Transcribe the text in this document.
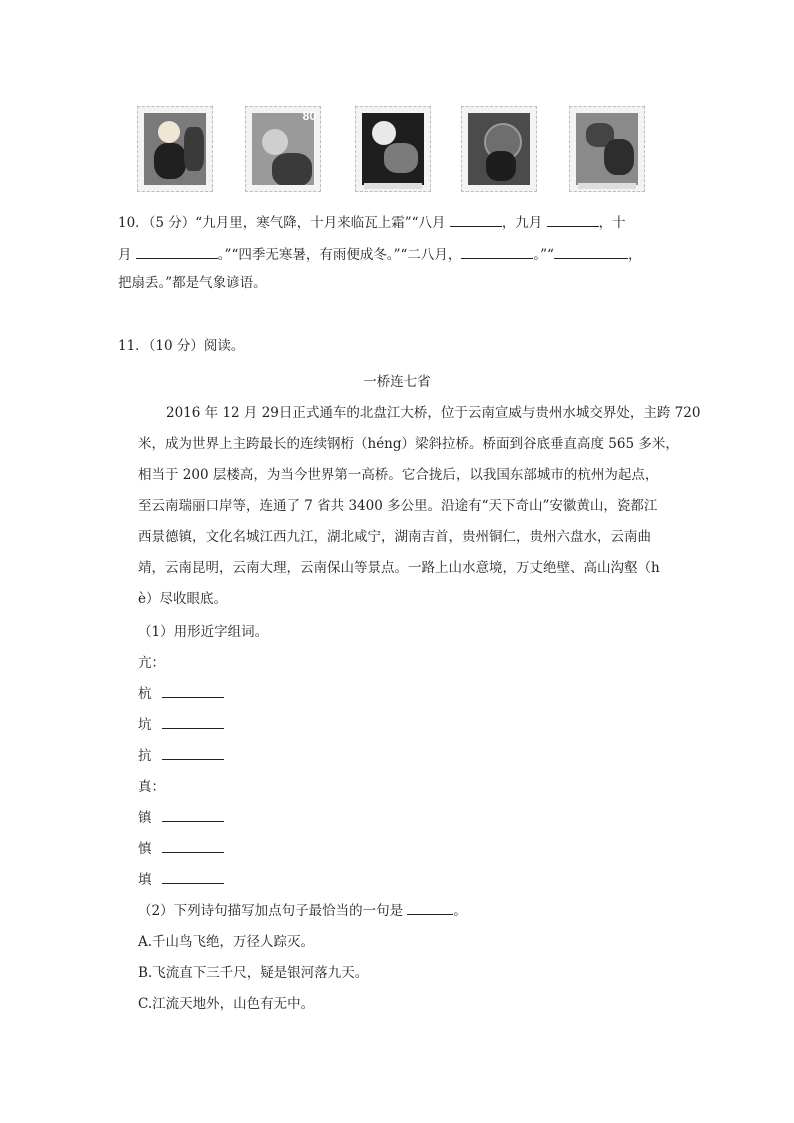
80
10．（5 分）“九月里，寒气降，十月来临瓦上霜”“八月	，九月	，十
月	。”“四季无寒暑，有雨便成冬。”“二八月，	。”“	，
把扇丢。”都是气象谚语。
11．（10 分）阅读。
一桥连七省
2016 年 12 月 29日正式通车的北盘江大桥，位于云南宣威与贵州水城交界处，主跨 720
米，成为世界上主跨最长的连续钢桁（héng）梁斜拉桥。桥面到谷底垂直高度 565 多米，
相当于 200 层楼高，为当今世界第一高桥。它合拢后，以我国东部城市的杭州为起点，
至云南瑞丽口岸等，连通了 7 省共 3400 多公里。沿途有“天下奇山”安徽黄山，瓷都江
西景德镇，文化名城江西九江，湖北咸宁，湖南吉首，贵州铜仁，贵州六盘水，云南曲
靖，云南昆明，云南大理，云南保山等景点。一路上山水意境，万丈绝壁、高山沟壑（h
è）尽收眼底。
（1）用形近字组词。
亢：
杭
坑
抗
真：
镇
慎
填
（2）下列诗句描写加点句子最恰当的一句是	。
A.千山鸟飞绝，万径人踪灭。
B.飞流直下三千尺，疑是银河落九天。
C.江流天地外，山色有无中。
